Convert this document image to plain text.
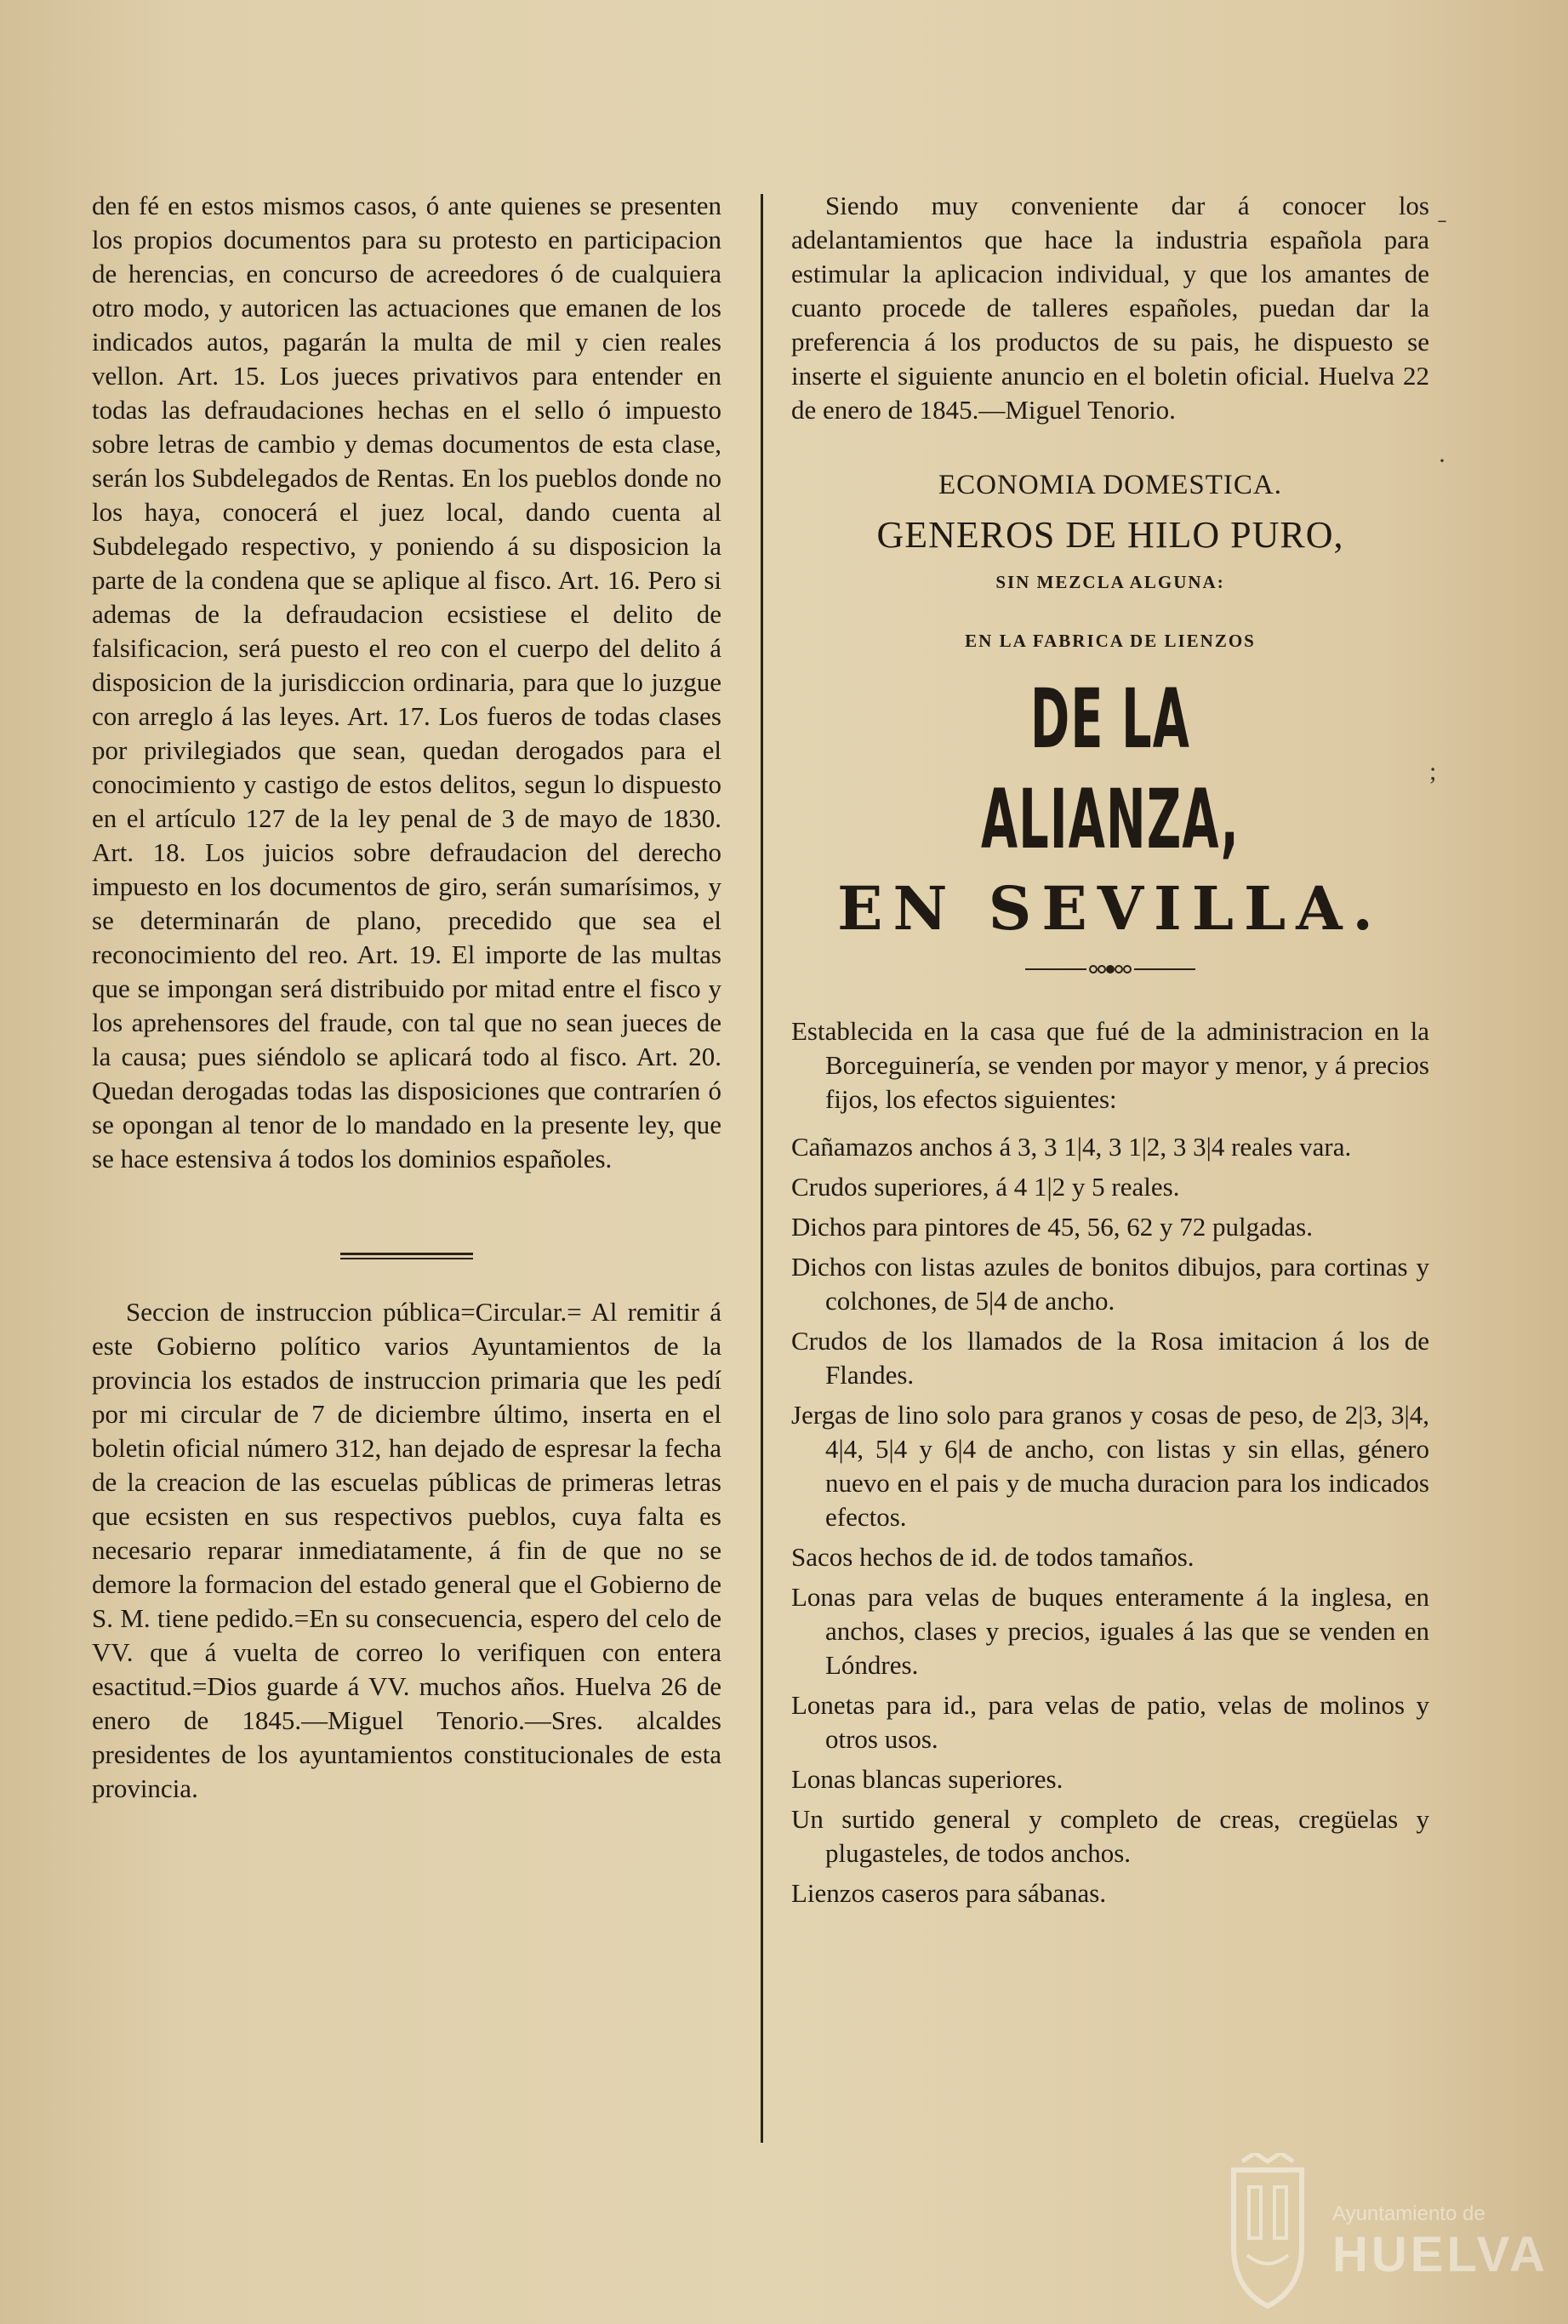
den fé en estos mismos casos, ó ante quienes se presenten los propios documentos para su protesto en participacion de herencias, en concurso de acreedores ó de cualquiera otro modo, y autoricen las actuaciones que emanen de los indicados autos, pagarán la multa de mil y cien reales vellon. Art. 15. Los jueces privativos para entender en todas las defraudaciones hechas en el sello ó impuesto sobre letras de cambio y demas documentos de esta clase, serán los Subdelegados de Rentas. En los pueblos donde no los haya, conocerá el juez local, dando cuenta al Subdelegado respectivo, y poniendo á su disposicion la parte de la condena que se aplique al fisco. Art. 16. Pero si ademas de la defraudacion ecsistiese el delito de falsificacion, será puesto el reo con el cuerpo del delito á disposicion de la jurisdiccion ordinaria, para que lo juzgue con arreglo á las leyes. Art. 17. Los fueros de todas clases por privilegiados que sean, quedan derogados para el conocimiento y castigo de estos delitos, segun lo dispuesto en el artículo 127 de la ley penal de 3 de mayo de 1830. Art. 18. Los juicios sobre defraudacion del derecho impuesto en los documentos de giro, serán sumarísimos, y se determinarán de plano, precedido que sea el reconocimiento del reo. Art. 19. El importe de las multas que se impongan será distribuido por mitad entre el fisco y los aprehensores del fraude, con tal que no sean jueces de la causa; pues siéndolo se aplicará todo al fisco. Art. 20. Quedan derogadas todas las disposiciones que contraríen ó se opongan al tenor de lo mandado en la presente ley, que se hace estensiva á todos los dominios españoles.

Seccion de instruccion pública=Circular.= Al remitir á este Gobierno político varios Ayuntamientos de la provincia los estados de instruccion primaria que les pedí por mi circular de 7 de diciembre último, inserta en el boletin oficial número 312, han dejado de espresar la fecha de la creacion de las escuelas públicas de primeras letras que ecsisten en sus respectivos pueblos, cuya falta es necesario reparar inmediatamente, á fin de que no se demore la formacion del estado general que el Gobierno de S. M. tiene pedido.=En su consecuencia, espero del celo de VV. que á vuelta de correo lo verifiquen con entera esactitud.=Dios guarde á VV. muchos años. Huelva 26 de enero de 1845.—Miguel Tenorio.—Sres. alcaldes presidentes de los ayuntamientos constitucionales de esta provincia.

Siendo muy conveniente dar á conocer los adelantamientos que hace la industria española para estimular la aplicacion individual, y que los amantes de cuanto procede de talleres españoles, puedan dar la preferencia á los productos de su pais, he dispuesto se inserte el siguiente anuncio en el boletin oficial. Huelva 22 de enero de 1845.—Miguel Tenorio.

ECONOMIA DOMESTICA.
GENEROS DE HILO PURO,
SIN MEZCLA ALGUNA:
EN LA FABRICA DE LIENZOS
DE LA ALIANZA,
EN SEVILLA.

Establecida en la casa que fué de la administracion en la Borceguinería, se venden por mayor y menor, y á precios fijos, los efectos siguientes:

Cañamazos anchos á 3, 3 1|4, 3 1|2, 3 3|4 reales vara.

Crudos superiores, á 4 1|2 y 5 reales.

Dichos para pintores de 45, 56, 62 y 72 pulgadas.

Dichos con listas azules de bonitos dibujos, para cortinas y colchones, de 5|4 de ancho.

Crudos de los llamados de la Rosa imitacion á los de Flandes.

Jergas de lino solo para granos y cosas de peso, de 2|3, 3|4, 4|4, 5|4 y 6|4 de ancho, con listas y sin ellas, género nuevo en el pais y de mucha duracion para los indicados efectos.

Sacos hechos de id. de todos tamaños.

Lonas para velas de buques enteramente á la inglesa, en anchos, clases y precios, iguales á las que se venden en Lóndres.

Lonetas para id., para velas de patio, velas de molinos y otros usos.

Lonas blancas superiores.

Un surtido general y completo de creas, cregüelas y plugasteles, de todos anchos.

Lienzos caseros para sábanas.

˗
·
;
Ayuntamiento de
HUELVA
